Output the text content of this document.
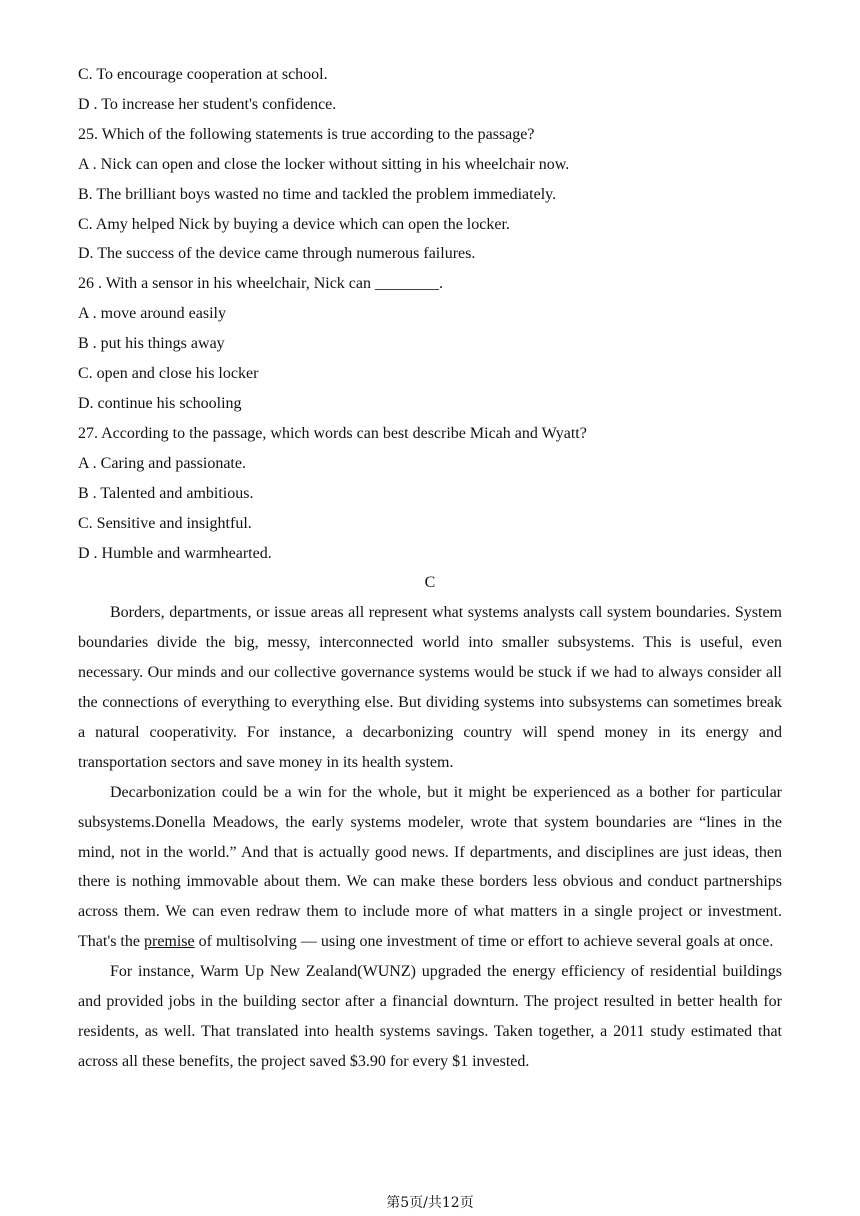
C. To encourage cooperation at school.
D . To increase her student's confidence.
25. Which of the following statements is true according to the passage?
A . Nick can open and close the locker without sitting in his wheelchair now.
B. The brilliant boys wasted no time and tackled the problem immediately.
C. Amy helped Nick by buying a device which can open the locker.
D. The success of the device came through numerous failures.
26 . With a sensor in his wheelchair, Nick can ________.
A . move around easily
B . put his things away
C. open and close his locker
D. continue his schooling
27. According to the passage, which words can best describe Micah and Wyatt?
A . Caring and passionate.
B . Talented and ambitious.
C. Sensitive and insightful.
D . Humble and warmhearted.
C

Borders, departments, or issue areas all represent what systems analysts call system boundaries. System boundaries divide the big, messy, interconnected world into smaller subsystems. This is useful, even necessary. Our minds and our collective governance systems would be stuck if we had to always consider all the connections of everything to everything else. But dividing systems into subsystems can sometimes break a natural cooperativity. For instance, a decarbonizing country will spend money in its energy and transportation sectors and save money in its health system.

Decarbonization could be a win for the whole, but it might be experienced as a bother for particular subsystems.Donella Meadows, the early systems modeler, wrote that system boundaries are “lines in the mind, not in the world.” And that is actually good news. If departments, and disciplines are just ideas, then there is nothing immovable about them. We can make these borders less obvious and conduct partnerships across them. We can even redraw them to include more of what matters in a single project or investment. That's the premise of multisolving — using one investment of time or effort to achieve several goals at once.

For instance, Warm Up New Zealand(WUNZ) upgraded the energy efficiency of residential buildings and provided jobs in the building sector after a financial downturn. The project resulted in better health for residents, as well. That translated into health systems savings. Taken together, a 2011 study estimated that across all these benefits, the project saved $3.90 for every $1 invested.

第5页/共12页
